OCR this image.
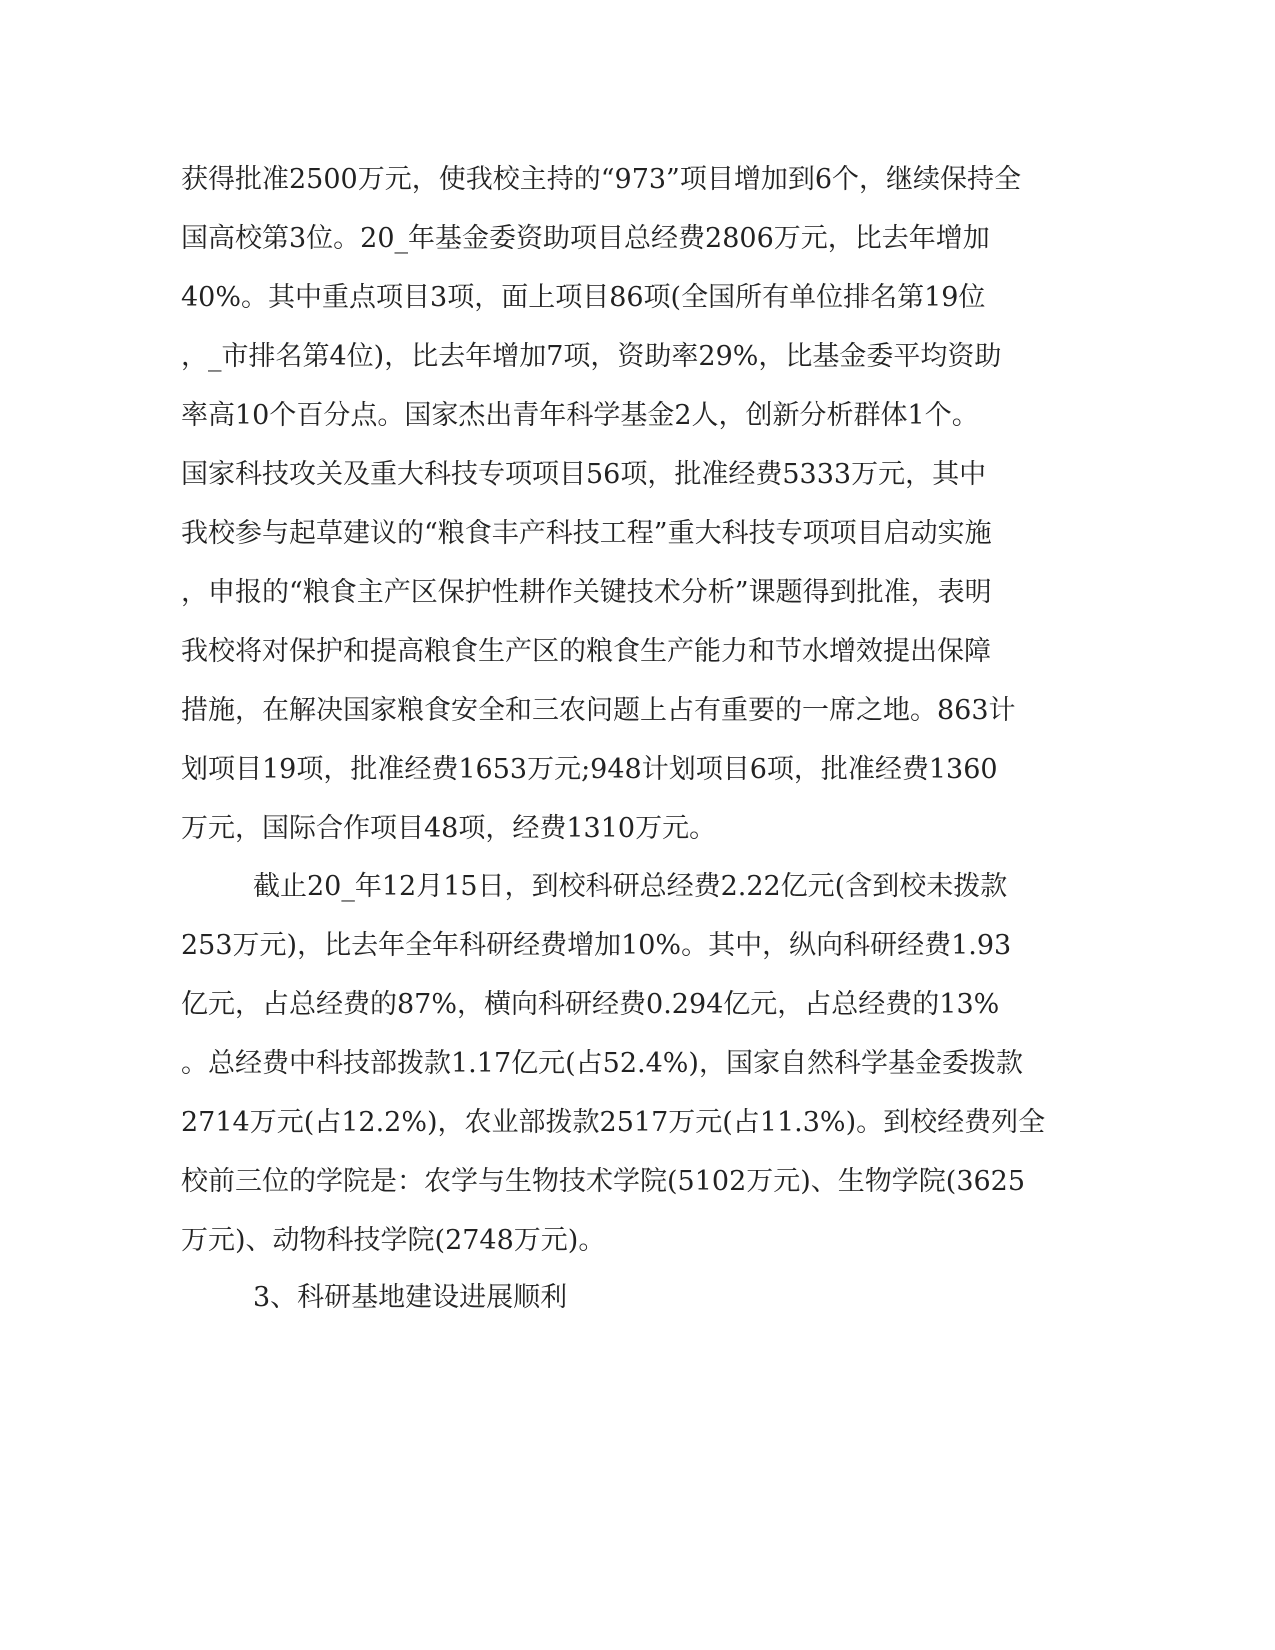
获得批准2500万元，使我校主持的“973”项目增加到6个，继续保持全
国高校第3位。20_年基金委资助项目总经费2806万元，比去年增加
40%。其中重点项目3项，面上项目86项(全国所有单位排名第19位
，_市排名第4位)，比去年增加7项，资助率29%，比基金委平均资助
率高10个百分点。国家杰出青年科学基金2人，创新分析群体1个。
国家科技攻关及重大科技专项项目56项，批准经费5333万元，其中
我校参与起草建议的“粮食丰产科技工程”重大科技专项项目启动实施
，申报的“粮食主产区保护性耕作关键技术分析”课题得到批准，表明
我校将对保护和提高粮食生产区的粮食生产能力和节水增效提出保障
措施，在解决国家粮食安全和三农问题上占有重要的一席之地。863计
划项目19项，批准经费1653万元;948计划项目6项，批准经费1360
万元，国际合作项目48项，经费1310万元。
截止20_年12月15日，到校科研总经费2.22亿元(含到校未拨款
253万元)，比去年全年科研经费增加10%。其中，纵向科研经费1.93
亿元，占总经费的87%，横向科研经费0.294亿元，占总经费的13%
。总经费中科技部拨款1.17亿元(占52.4%)，国家自然科学基金委拨款
2714万元(占12.2%)，农业部拨款2517万元(占11.3%)。到校经费列全
校前三位的学院是：农学与生物技术学院(5102万元)、生物学院(3625
万元)、动物科技学院(2748万元)。
3、科研基地建设进展顺利
